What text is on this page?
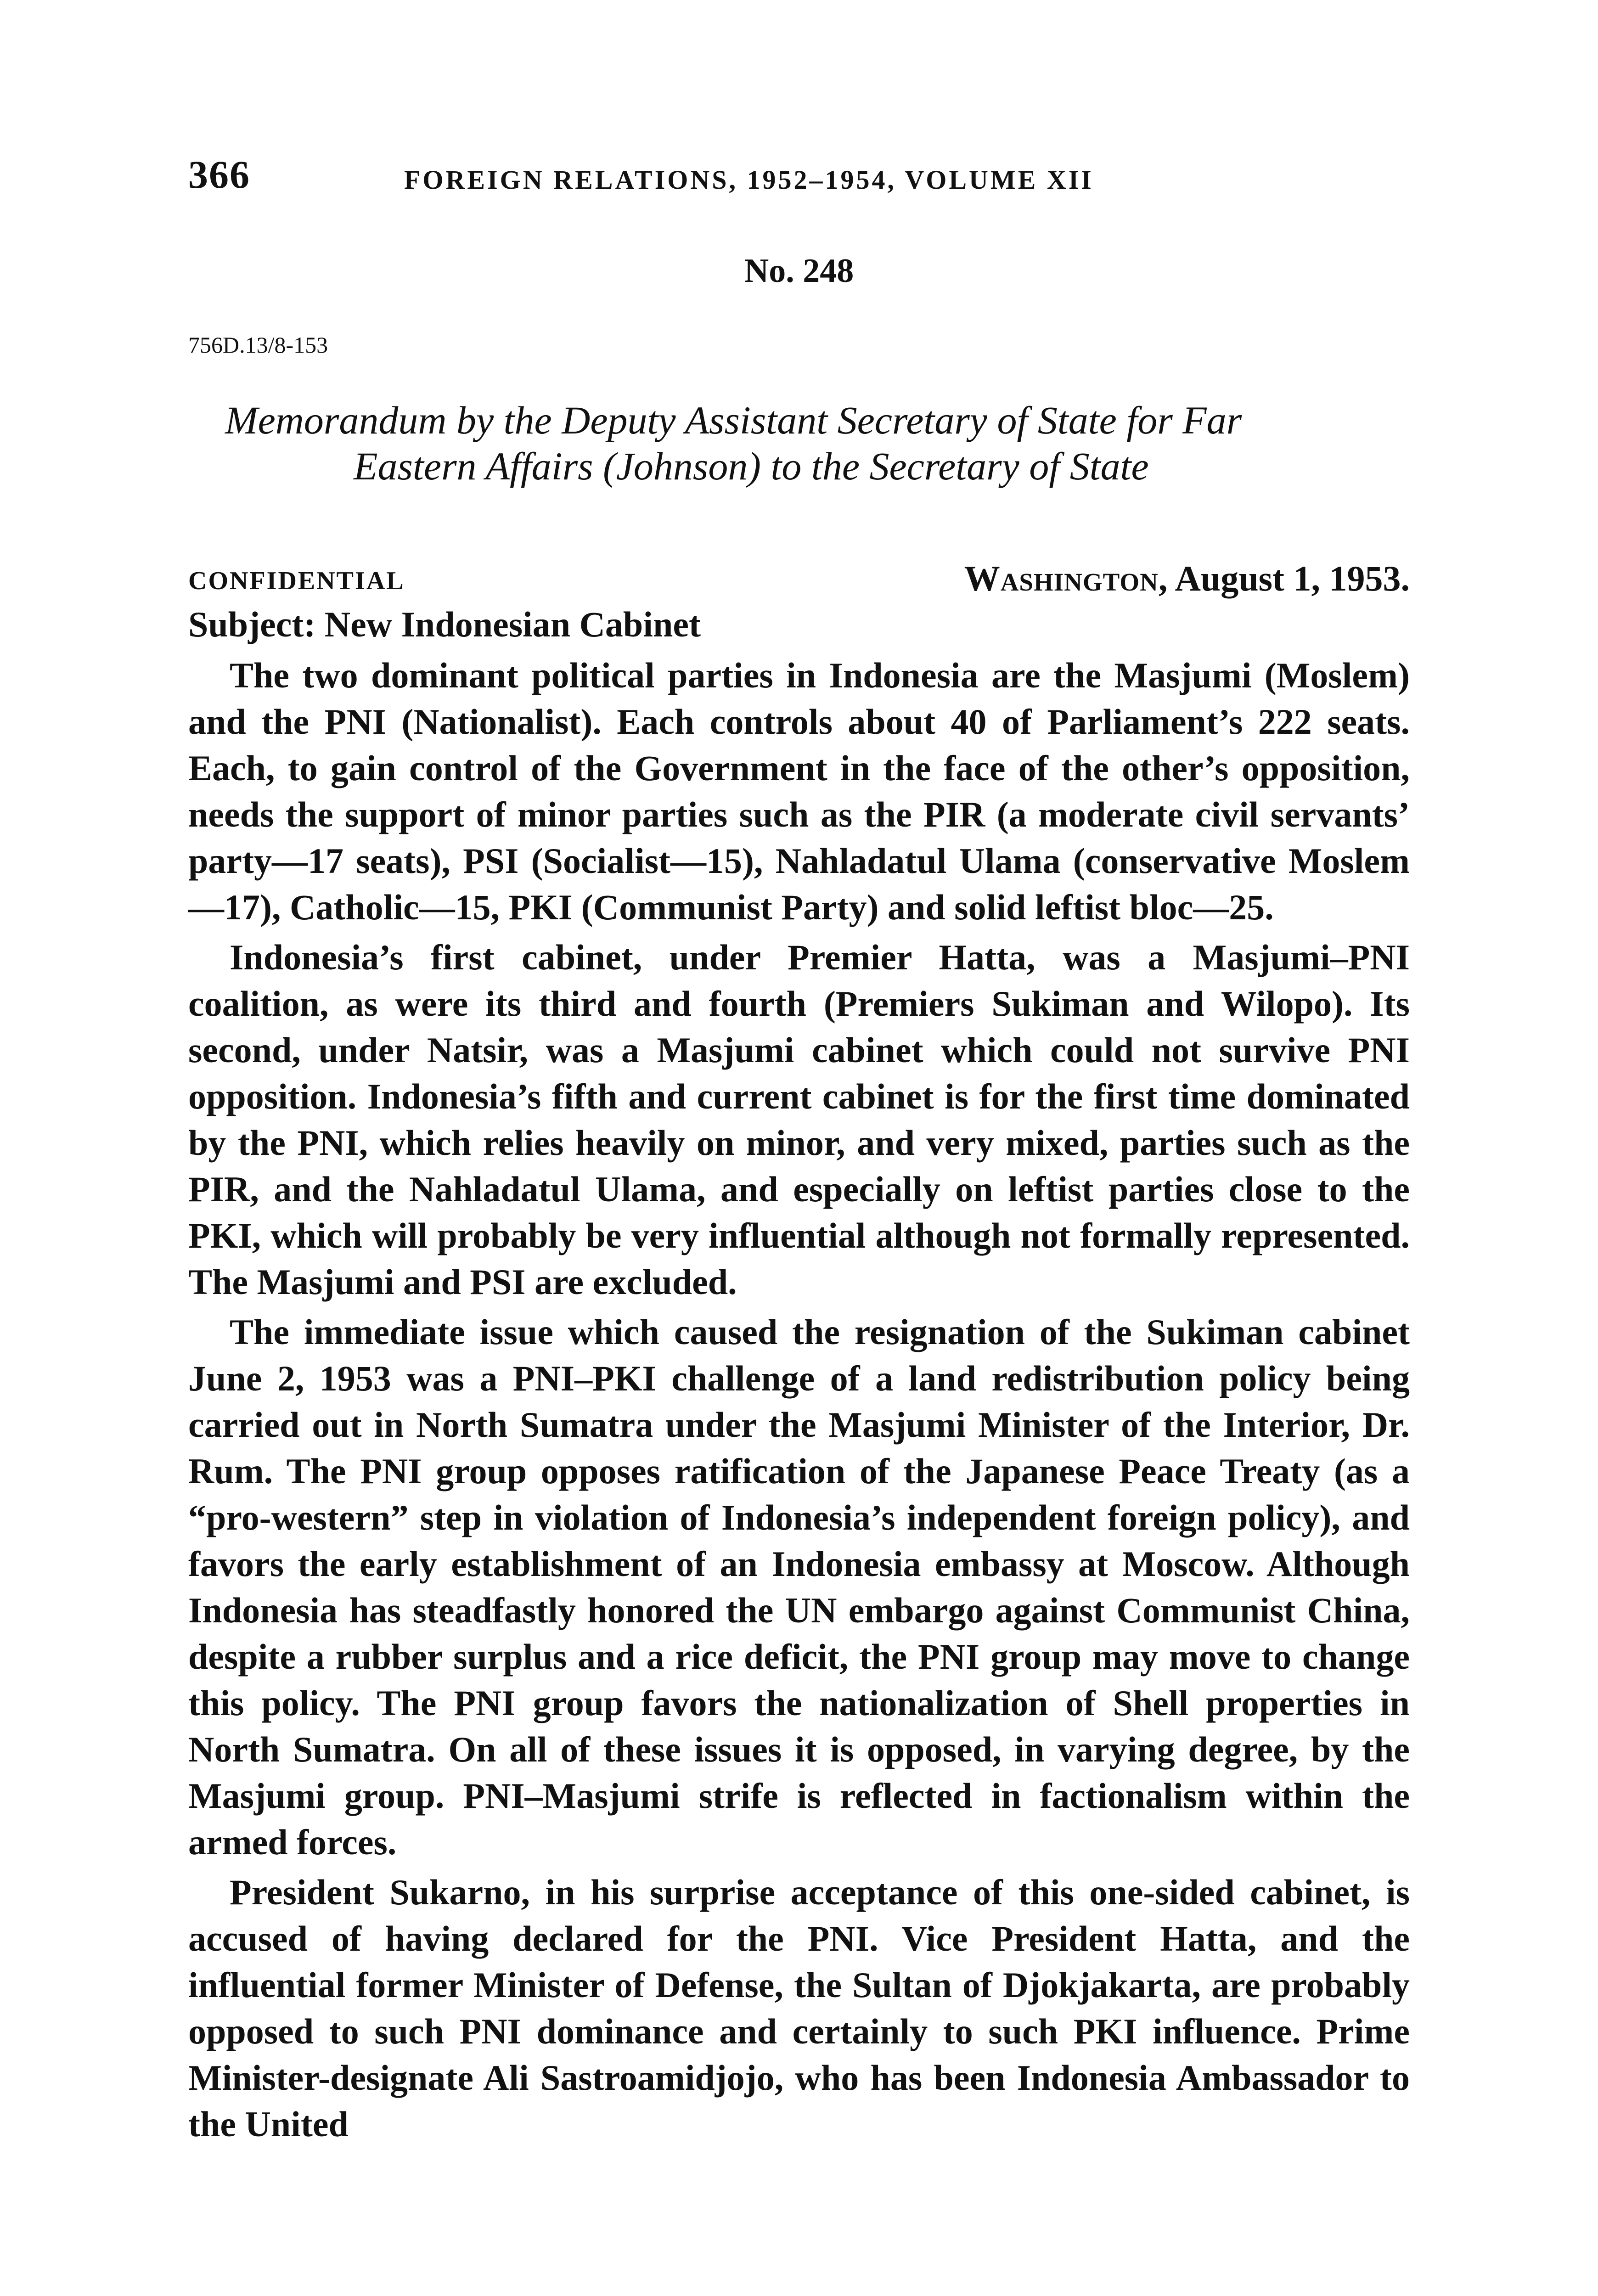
366	FOREIGN RELATIONS, 1952–1954, VOLUME XII
No. 248
756D.13/8-153
Memorandum by the Deputy Assistant Secretary of State for Far
Eastern Affairs (Johnson) to the Secretary of State
CONFIDENTIAL	Washington, August 1, 1953.
Subject: New Indonesian Cabinet

The two dominant political parties in Indonesia are the Masjumi (Moslem) and the PNI (Nationalist). Each controls about 40 of Parliament’s 222 seats. Each, to gain control of the Government in the face of the other’s opposition, needs the support of minor parties such as the PIR (a moderate civil servants’ party—17 seats), PSI (Socialist—15), Nahladatul Ulama (conservative Moslem—17), Catholic—15, PKI (Communist Party) and solid leftist bloc—25.

Indonesia’s first cabinet, under Premier Hatta, was a Masjumi–PNI coalition, as were its third and fourth (Premiers Sukiman and Wilopo). Its second, under Natsir, was a Masjumi cabinet which could not survive PNI opposition. Indonesia’s fifth and current cabinet is for the first time dominated by the PNI, which relies heavily on minor, and very mixed, parties such as the PIR, and the Nahladatul Ulama, and especially on leftist parties close to the PKI, which will probably be very influential although not formally represented. The Masjumi and PSI are excluded.

The immediate issue which caused the resignation of the Sukiman cabinet June 2, 1953 was a PNI–PKI challenge of a land redistribution policy being carried out in North Sumatra under the Masjumi Minister of the Interior, Dr. Rum. The PNI group opposes ratification of the Japanese Peace Treaty (as a “pro-western” step in violation of Indonesia’s independent foreign policy), and favors the early establishment of an Indonesia embassy at Moscow. Although Indonesia has steadfastly honored the UN embargo against Communist China, despite a rubber surplus and a rice deficit, the PNI group may move to change this policy. The PNI group favors the nationalization of Shell properties in North Sumatra. On all of these issues it is opposed, in varying degree, by the Masjumi group. PNI–Masjumi strife is reflected in factionalism within the armed forces.

President Sukarno, in his surprise acceptance of this one-sided cabinet, is accused of having declared for the PNI. Vice President Hatta, and the influential former Minister of Defense, the Sultan of Djokjakarta, are probably opposed to such PNI dominance and certainly to such PKI influence. Prime Minister-designate Ali Sastroamidjojo, who has been Indonesia Ambassador to the United
